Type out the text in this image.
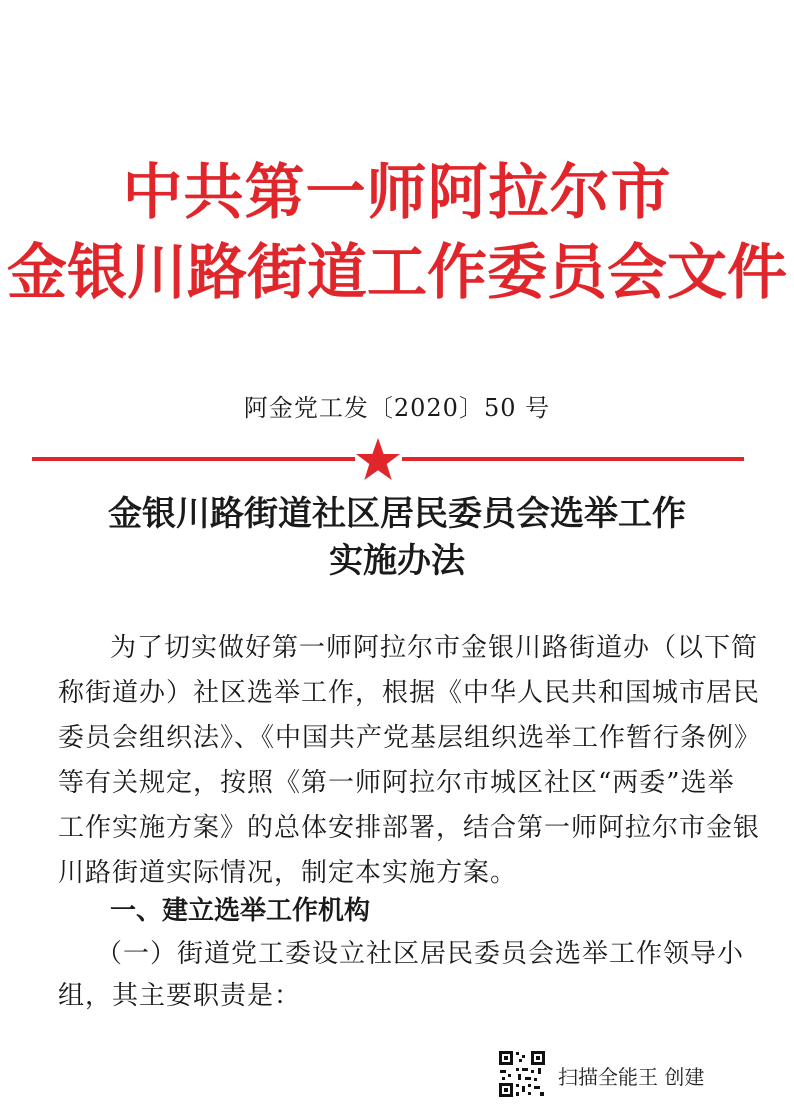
中共第一师阿拉尔市
金银川路街道工作委员会文件
阿金党工发〔2020〕50 号
金银川路街道社区居民委员会选举工作
实施办法
为了切实做好第一师阿拉尔市金银川路街道办（以下简
称街道办）社区选举工作，根据《中华人民共和国城市居民
委员会组织法》、《中国共产党基层组织选举工作暂行条例》
等有关规定，按照《第一师阿拉尔市城区社区“两委”选举
工作实施方案》的总体安排部署，结合第一师阿拉尔市金银
川路街道实际情况，制定本实施方案。
一、建立选举工作机构
（一）街道党工委设立社区居民委员会选举工作领导小
组，其主要职责是：
扫描全能王 创建
